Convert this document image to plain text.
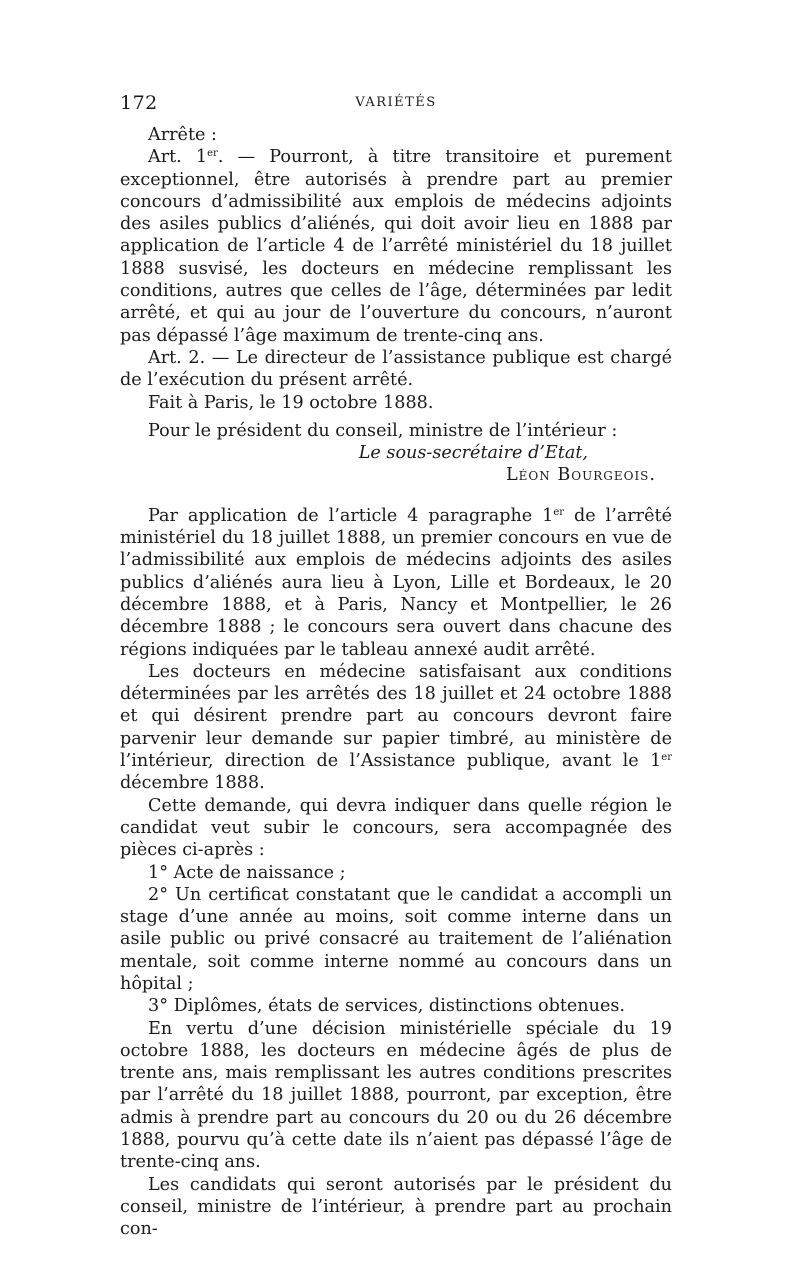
172	VARIÉTÉS

Arrête :

Art. 1er. — Pourront, à titre transitoire et purement exceptionnel, être autorisés à prendre part au premier concours d’admissibilité aux emplois de médecins adjoints des asiles publics d’aliénés, qui doit avoir lieu en 1888 par application de l’article 4 de l’arrêté ministériel du 18 juillet 1888 susvisé, les docteurs en médecine remplissant les conditions, autres que celles de l’âge, déterminées par ledit arrêté, et qui au jour de l’ouverture du concours, n’auront pas dépassé l’âge maximum de trente-cinq ans.

Art. 2. — Le directeur de l’assistance publique est chargé de l’exécution du présent arrêté.

Fait à Paris, le 19 octobre 1888.

Pour le président du conseil, ministre de l’intérieur :

Le sous-secrétaire d’Etat,

Léon Bourgeois.

Par application de l’article 4 paragraphe 1er de l’arrêté ministériel du 18 juillet 1888, un premier concours en vue de l’admissibilité aux emplois de médecins adjoints des asiles publics d’aliénés aura lieu à Lyon, Lille et Bordeaux, le 20 décembre 1888, et à Paris, Nancy et Montpellier, le 26 décembre 1888 ; le concours sera ouvert dans chacune des régions indiquées par le tableau annexé audit arrêté.

Les docteurs en médecine satisfaisant aux conditions déterminées par les arrêtés des 18 juillet et 24 octobre 1888 et qui désirent prendre part au concours devront faire parvenir leur demande sur papier timbré, au ministère de l’intérieur, direction de l’Assistance publique, avant le 1er décembre 1888.

Cette demande, qui devra indiquer dans quelle région le candidat veut subir le concours, sera accompagnée des pièces ci-après :

1° Acte de naissance ;

2° Un certificat constatant que le candidat a accompli un stage d’une année au moins, soit comme interne dans un asile public ou privé consacré au traitement de l’aliénation mentale, soit comme interne nommé au concours dans un hôpital ;

3° Diplômes, états de services, distinctions obtenues.

En vertu d’une décision ministérielle spéciale du 19 octobre 1888, les docteurs en médecine âgés de plus de trente ans, mais remplissant les autres conditions prescrites par l’arrêté du 18 juillet 1888, pourront, par exception, être admis à prendre part au concours du 20 ou du 26 décembre 1888, pourvu qu’à cette date ils n’aient pas dépassé l’âge de trente-cinq ans.

Les candidats qui seront autorisés par le président du conseil, ministre de l’intérieur, à prendre part au prochain con-
